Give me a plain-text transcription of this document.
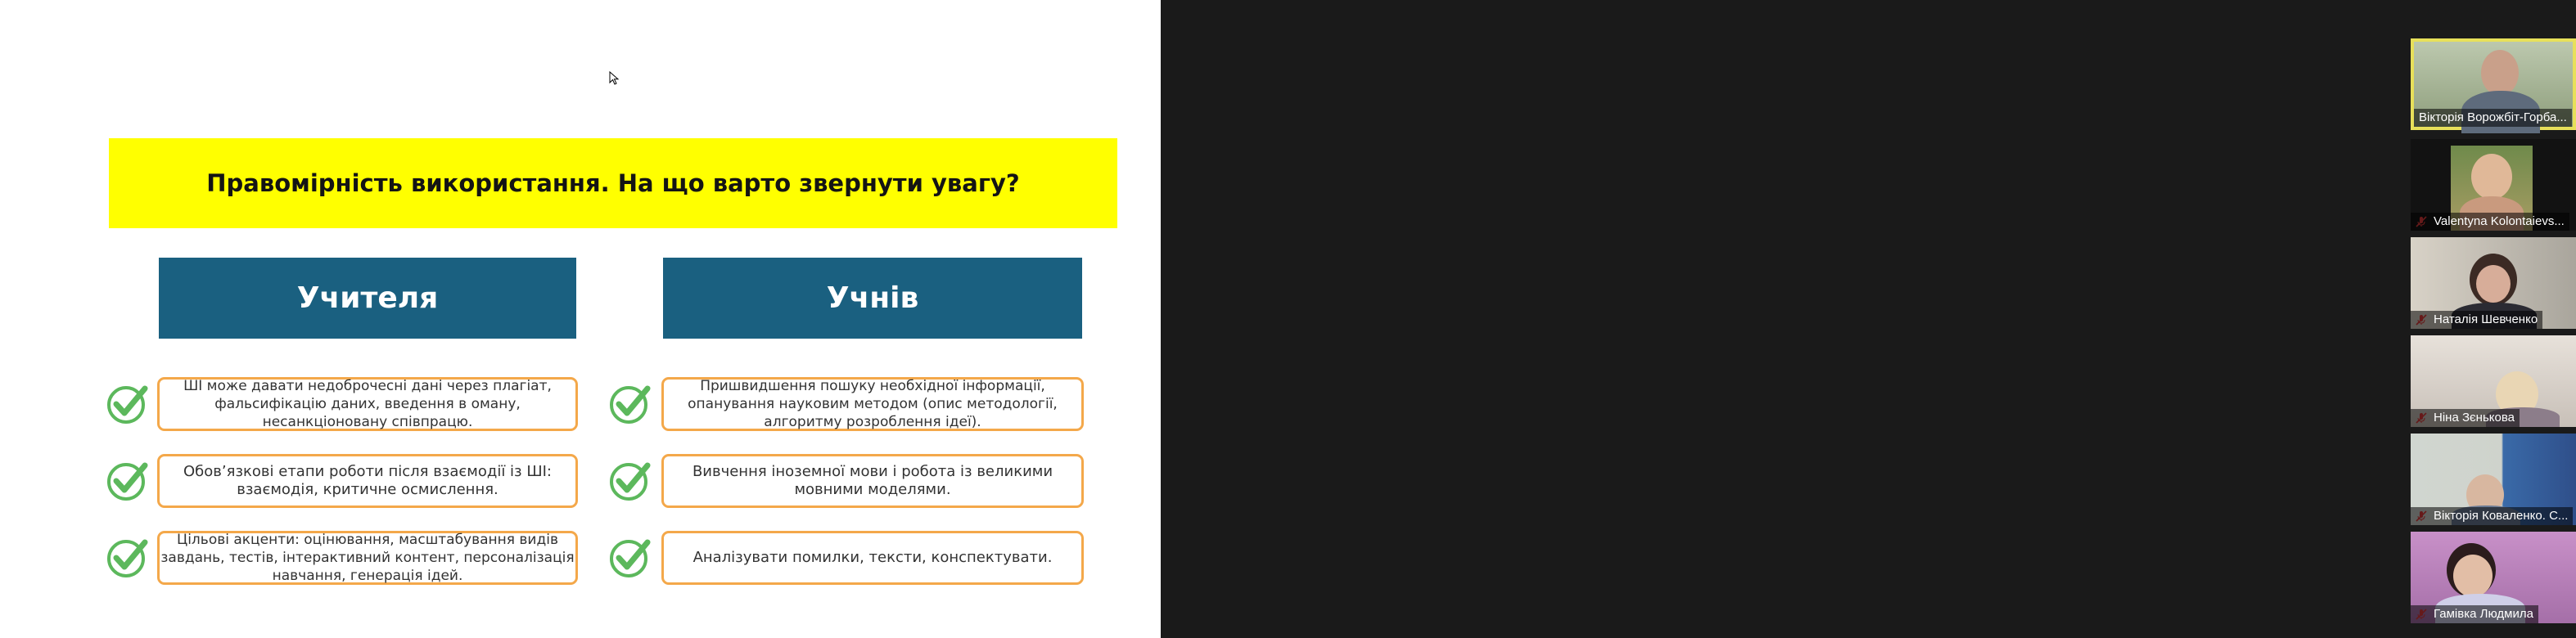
Правомірність використання. На що варто звернути увагу?
Учителя	Учнів
ШІ може давати недоброчесні дані через плагіат, фальсифікацію даних, введення в оману, несанкціоновану співпрацю.
Обов’язкові етапи роботи після взаємодії із ШІ: взаємодія, критичне осмислення.
Цільові акценти: оцінювання, масштабування видів завдань, тестів, інтерактивний контент, персоналізація навчання, генерація ідей.
Пришвидшення пошуку необхідної інформації, опанування науковим методом (опис методології, алгоритму розроблення ідеї).
Вивчення іноземної мови і робота із великими мовними моделями.
Аналізувати помилки, тексти, конспектувати.
Вікторія Ворожбіт-Горба...
Valentyna Kolontaievs...
Наталія Шевченко
Ніна Зєнькова
Вікторія Коваленко. С...
Гамівка Людмила
